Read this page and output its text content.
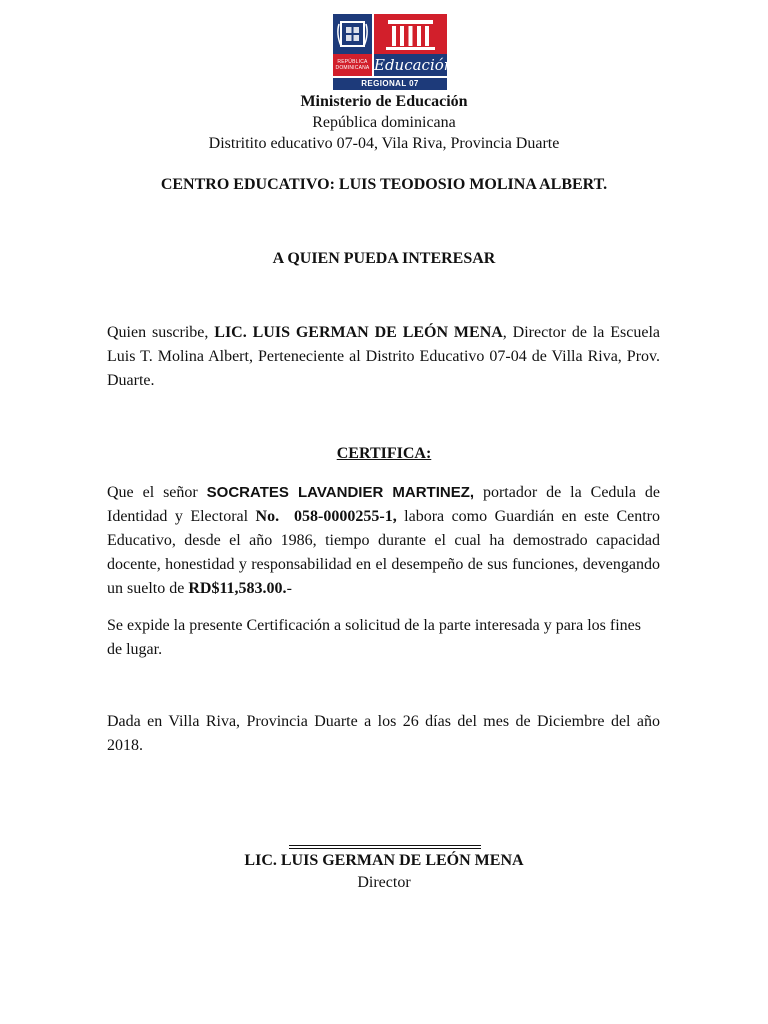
REPÚBLICA DOMINICANA Educación
REGIONAL 07
Ministerio de Educación
República dominicana
Distritito educativo 07-04, Vila Riva, Provincia Duarte
CENTRO EDUCATIVO: LUIS TEODOSIO MOLINA ALBERT.
A QUIEN PUEDA INTERESAR

Quien suscribe, LIC. LUIS GERMAN DE LEÓN MENA, Director de la Escuela Luis T. Molina Albert, Perteneciente al Distrito Educativo 07-04 de Villa Riva, Prov. Duarte.

CERTIFICA:

Que el señor SOCRATES LAVANDIER MARTINEZ, portador de la Cedula de Identidad y Electoral No. 058-0000255-1, labora como Guardián en este Centro Educativo, desde el año 1986, tiempo durante el cual ha demostrado capacidad docente, honestidad y responsabilidad en el desempeño de sus funciones, devengando un suelto de RD$11,583.00.-

Se expide la presente Certificación a solicitud de la parte interesada y para los fines de lugar.

Dada en Villa Riva, Provincia Duarte a los 26 días del mes de Diciembre del año 2018.

LIC. LUIS GERMAN DE LEÓN MENA
Director
